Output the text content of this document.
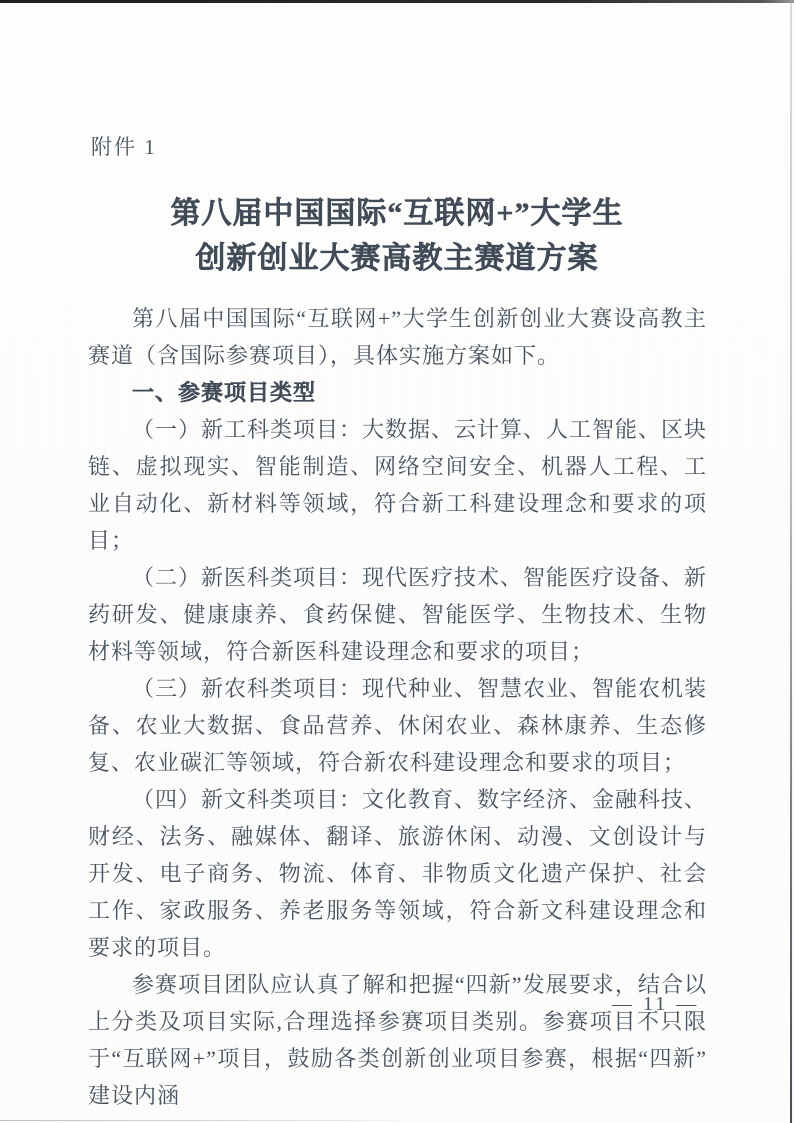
附件 1
第八届中国国际“互联网+”大学生
创新创业大赛高教主赛道方案
第八届中国国际“互联网+”大学生创新创业大赛设高教主赛道（含国际参赛项目），具体实施方案如下。
一、参赛项目类型
（一）新工科类项目：大数据、云计算、人工智能、区块链、虚拟现实、智能制造、网络空间安全、机器人工程、工业自动化、新材料等领域，符合新工科建设理念和要求的项目；
（二）新医科类项目：现代医疗技术、智能医疗设备、新药研发、健康康养、食药保健、智能医学、生物技术、生物材料等领域，符合新医科建设理念和要求的项目；
（三）新农科类项目：现代种业、智慧农业、智能农机装备、农业大数据、食品营养、休闲农业、森林康养、生态修复、农业碳汇等领域，符合新农科建设理念和要求的项目；
（四）新文科类项目：文化教育、数字经济、金融科技、财经、法务、融媒体、翻译、旅游休闲、动漫、文创设计与开发、电子商务、物流、体育、非物质文化遗产保护、社会工作、家政服务、养老服务等领域，符合新文科建设理念和要求的项目。
参赛项目团队应认真了解和把握“四新”发展要求，结合以上分类及项目实际,合理选择参赛项目类别。参赛项目不只限于“互联网+”项目，鼓励各类创新创业项目参赛，根据“四新”建设内涵
— 11 —
